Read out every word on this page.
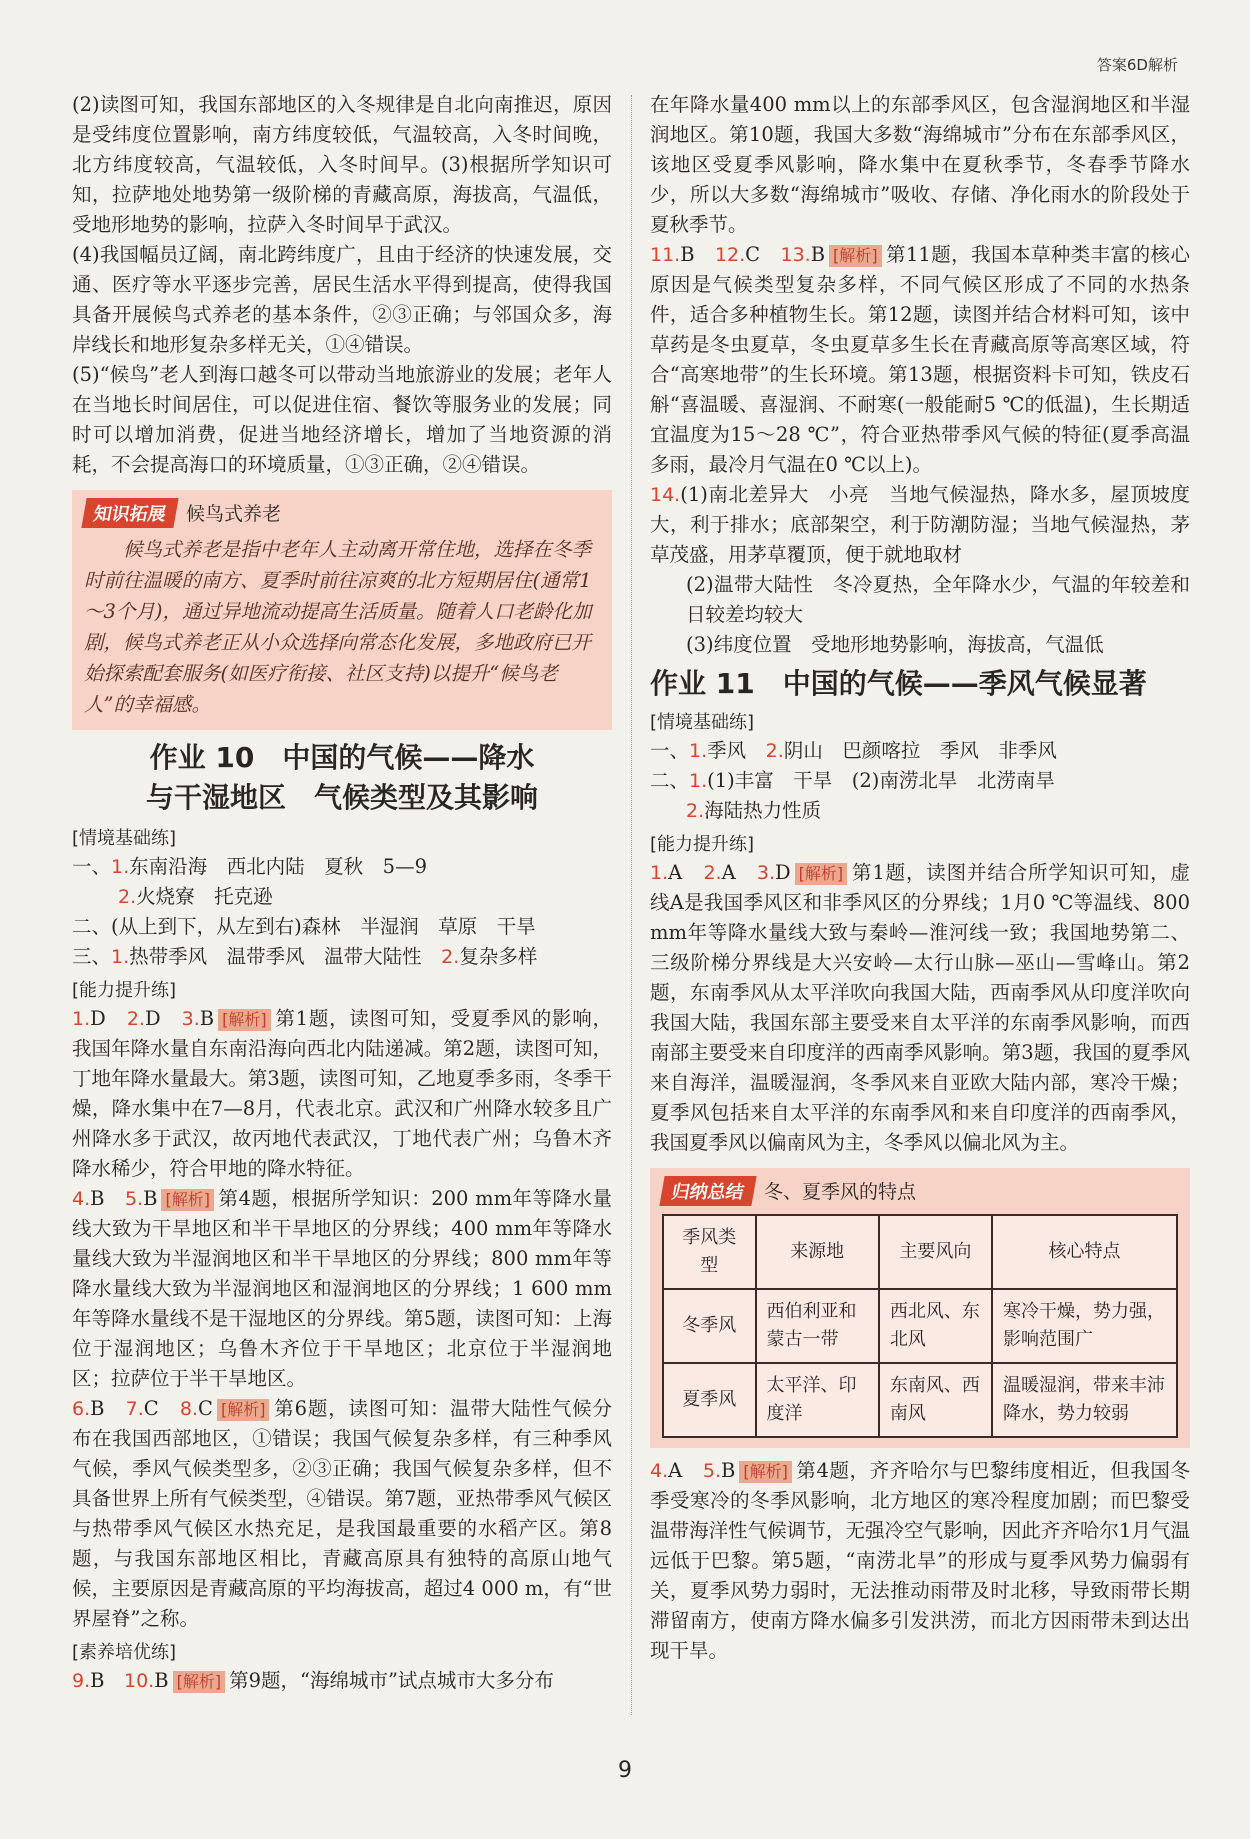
答案6D解析

(2)读图可知，我国东部地区的入冬规律是自北向南推迟，原因是受纬度位置影响，南方纬度较低，气温较高，入冬时间晚，北方纬度较高，气温较低，入冬时间早。(3)根据所学知识可知，拉萨地处地势第一级阶梯的青藏高原，海拔高，气温低，受地形地势的影响，拉萨入冬时间早于武汉。

(4)我国幅员辽阔，南北跨纬度广，且由于经济的快速发展，交通、医疗等水平逐步完善，居民生活水平得到提高，使得我国具备开展候鸟式养老的基本条件，②③正确；与邻国众多，海岸线长和地形复杂多样无关，①④错误。

(5)“候鸟”老人到海口越冬可以带动当地旅游业的发展；老年人在当地长时间居住，可以促进住宿、餐饮等服务业的发展；同时可以增加消费，促进当地经济增长，增加了当地资源的消耗，不会提高海口的环境质量，①③正确，②④错误。

知识拓展 候鸟式养老

候鸟式养老是指中老年人主动离开常住地，选择在冬季时前往温暖的南方、夏季时前往凉爽的北方短期居住(通常1～3个月)，通过异地流动提高生活质量。随着人口老龄化加剧，候鸟式养老正从小众选择向常态化发展，多地政府已开始探索配套服务(如医疗衔接、社区支持)以提升“候鸟老人”的幸福感。

作业 10　中国的气候——降水
与干湿地区　气候类型及其影响
[情境基础练]

一、1.东南沿海　西北内陆　夏秋　5—9

2.火烧寮　托克逊

二、(从上到下，从左到右)森林　半湿润　草原　干旱

三、1.热带季风　温带季风　温带大陆性　2.复杂多样

[能力提升练]

1.D　 2.D　 3.B [ 解析 ] 第1题，读图可知，受夏季风的影响，我国年降水量自东南沿海向西北内陆递减。第2题，读图可知，丁地年降水量最大。第3题，读图可知，乙地夏季多雨，冬季干燥，降水集中在7—8月，代表北京。武汉和广州降水较多且广州降水多于武汉，故丙地代表武汉，丁地代表广州；乌鲁木齐降水稀少，符合甲地的降水特征。

4.B　 5.B [ 解析 ] 第4题，根据所学知识：200 mm年等降水量线大致为干旱地区和半干旱地区的分界线；400 mm年等降水量线大致为半湿润地区和半干旱地区的分界线；800 mm年等降水量线大致为半湿润地区和湿润地区的分界线；1 600 mm年等降水量线不是干湿地区的分界线。第5题，读图可知：上海位于湿润地区；乌鲁木齐位于干旱地区；北京位于半湿润地区；拉萨位于半干旱地区。

6.B　 7.C　 8.C [ 解析 ] 第6题，读图可知：温带大陆性气候分布在我国西部地区，①错误；我国气候复杂多样，有三种季风气候，季风气候类型多，②③正确；我国气候复杂多样，但不具备世界上所有气候类型，④错误。第7题，亚热带季风气候区与热带季风气候区水热充足，是我国最重要的水稻产区。第8题，与我国东部地区相比，青藏高原具有独特的高原山地气候，主要原因是青藏高原的平均海拔高，超过4 000 m，有“世界屋脊”之称。

[素养培优练]

9.B　 10.B [ 解析 ] 第9题，“海绵城市”试点城市大多分布

在年降水量400 mm以上的东部季风区，包含湿润地区和半湿润地区。第10题，我国大多数“海绵城市”分布在东部季风区，该地区受夏季风影响，降水集中在夏秋季节，冬春季节降水少，所以大多数“海绵城市”吸收、存储、净化雨水的阶段处于夏秋季节。

11.B　 12.C　 13.B [ 解析 ] 第11题，我国本草种类丰富的核心原因是气候类型复杂多样，不同气候区形成了不同的水热条件，适合多种植物生长。第12题，读图并结合材料可知，该中草药是冬虫夏草，冬虫夏草多生长在青藏高原等高寒区域，符合“高寒地带”的生长环境。第13题，根据资料卡可知，铁皮石斛“喜温暖、喜湿润、不耐寒(一般能耐5 ℃的低温)，生长期适宜温度为15～28 ℃”，符合亚热带季风气候的特征(夏季高温多雨，最冷月气温在0 ℃以上)。

14.(1)南北差异大　小亮　当地气候湿热，降水多，屋顶坡度大，利于排水；底部架空，利于防潮防湿；当地气候湿热，茅草茂盛，用茅草覆顶，便于就地取材

(2)温带大陆性　冬冷夏热，全年降水少，气温的年较差和日较差均较大

(3)纬度位置　受地形地势影响，海拔高，气温低

作业 11　中国的气候——季风气候显著
[情境基础练]

一、1.季风　2.阴山　巴颜喀拉　季风　非季风

二、1.(1)丰富　干旱　(2)南涝北旱　北涝南旱

2.海陆热力性质

[能力提升练]

1.A　 2.A　 3.D [ 解析 ] 第1题，读图并结合所学知识可知，虚线A是我国季风区和非季风区的分界线；1月0 ℃等温线、800 mm年等降水量线大致与秦岭—淮河线一致；我国地势第二、三级阶梯分界线是大兴安岭—太行山脉—巫山—雪峰山。第2题，东南季风从太平洋吹向我国大陆，西南季风从印度洋吹向我国大陆，我国东部主要受来自太平洋的东南季风影响，而西南部主要受来自印度洋的西南季风影响。第3题，我国的夏季风来自海洋，温暖湿润，冬季风来自亚欧大陆内部，寒冷干燥；夏季风包括来自太平洋的东南季风和来自印度洋的西南季风，我国夏季风以偏南风为主，冬季风以偏北风为主。

归纳总结 冬、夏季风的特点
季风类型	来源地	主要风向	核心特点
冬季风	西伯利亚和蒙古一带	西北风、东北风	寒冷干燥，势力强，影响范围广
夏季风	太平洋、印度洋	东南风、西南风	温暖湿润，带来丰沛降水，势力较弱

4.A　 5.B [ 解析 ] 第4题，齐齐哈尔与巴黎纬度相近，但我国冬季受寒冷的冬季风影响，北方地区的寒冷程度加剧；而巴黎受温带海洋性气候调节，无强冷空气影响，因此齐齐哈尔1月气温远低于巴黎。第5题，“南涝北旱”的形成与夏季风势力偏弱有关，夏季风势力弱时，无法推动雨带及时北移，导致雨带长期滞留南方，使南方降水偏多引发洪涝，而北方因雨带未到达出现干旱。

9
